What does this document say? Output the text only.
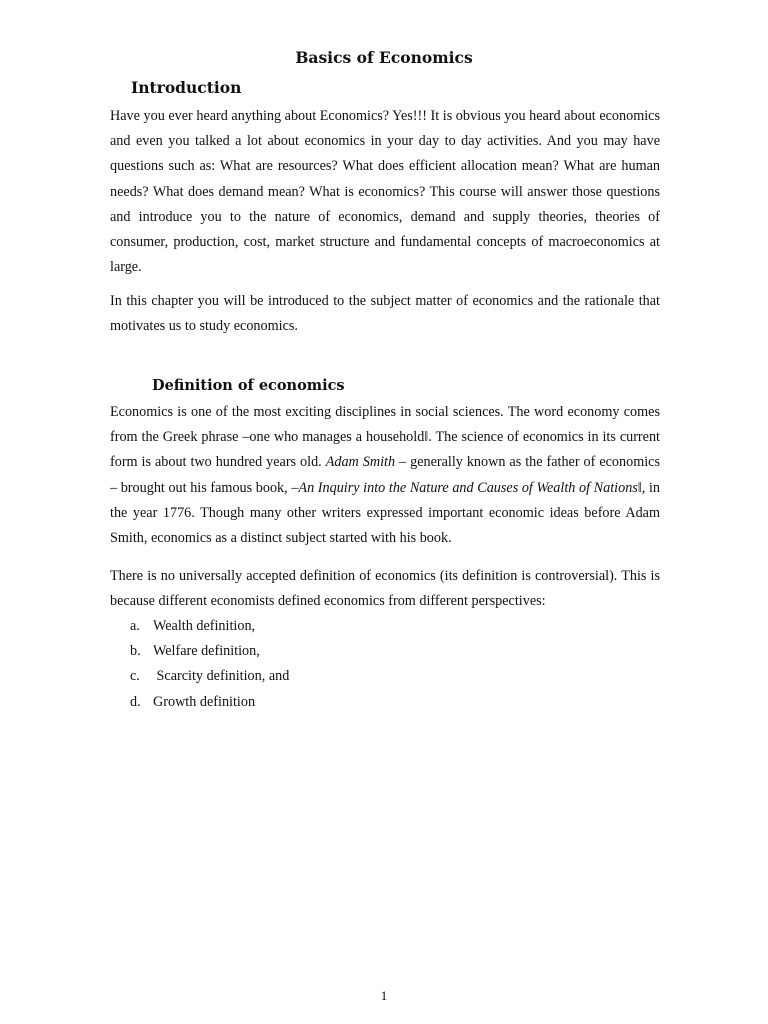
Basics of Economics
Introduction

Have you ever heard anything about Economics? Yes!!! It is obvious you heard about economics and even you talked a lot about economics in your day to day activities. And you may have questions such as: What are resources? What does efficient allocation mean? What are human needs? What does demand mean? What is economics? This course will answer those questions and introduce you to the nature of economics, demand and supply theories, theories of consumer, production, cost, market structure and fundamental concepts of macroeconomics at large.

In this chapter you will be introduced to the subject matter of economics and the rationale that motivates us to study economics.

Definition of economics

Economics is one of the most exciting disciplines in social sciences. The word economy comes from the Greek phrase –one who manages a household‖. The science of economics in its current form is about two hundred years old. Adam Smith – generally known as the father of economics – brought out his famous book, –An Inquiry into the Nature and Causes of Wealth of Nations‖, in the year 1776. Though many other writers expressed important economic ideas before Adam Smith, economics as a distinct subject started with his book.

There is no universally accepted definition of economics (its definition is controversial). This is because different economists defined economics from different perspectives:

a. Wealth definition,
b. Welfare definition,
c. Scarcity definition, and
d. Growth definition
1
